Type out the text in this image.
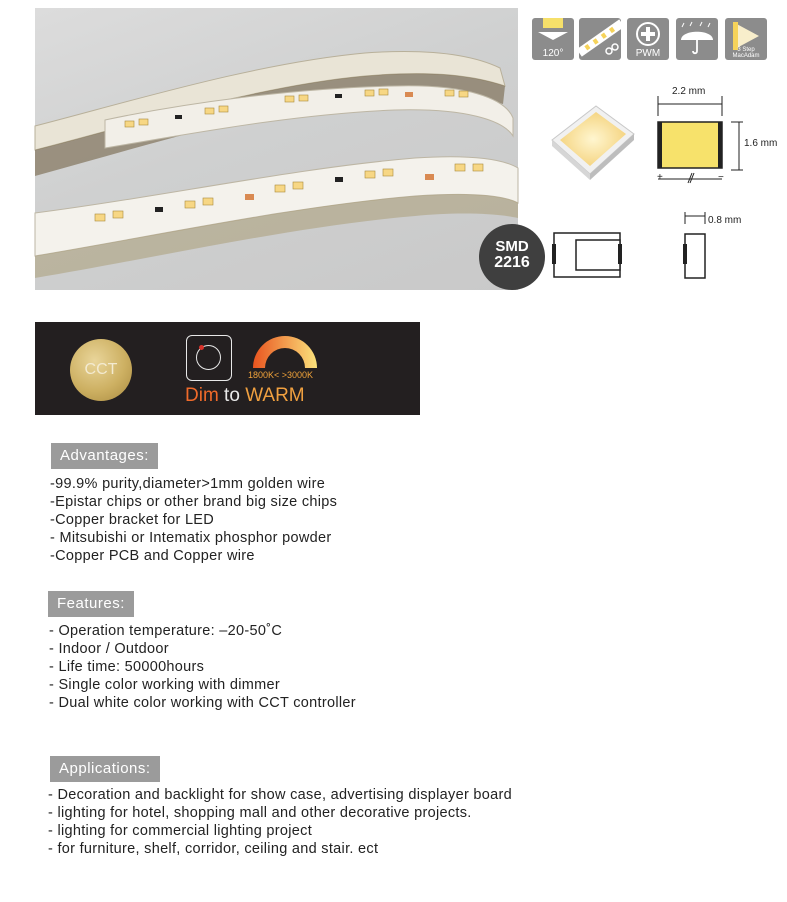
SMD
2216
120°	PWM	3 Step MacAdam
2.2 mm
1.6 mm
+	−
0.8 mm
CCT	1800K< >3000K
Dim to WARM
Advantages:
-99.9% purity,diameter>1mm golden wire
-Epistar chips or other brand big size chips
-Copper bracket for LED
- Mitsubishi or Intematix phosphor powder
-Copper PCB and Copper wire
Features:
- Operation temperature: –20-50˚C
- Indoor / Outdoor
- Life time: 50000hours
- Single color working with dimmer
- Dual white color working with CCT controller
Applications:
- Decoration and backlight for show case, advertising displayer board
- lighting for hotel, shopping mall and other decorative projects.
- lighting for commercial lighting project
- for furniture, shelf, corridor, ceiling and stair. ect
